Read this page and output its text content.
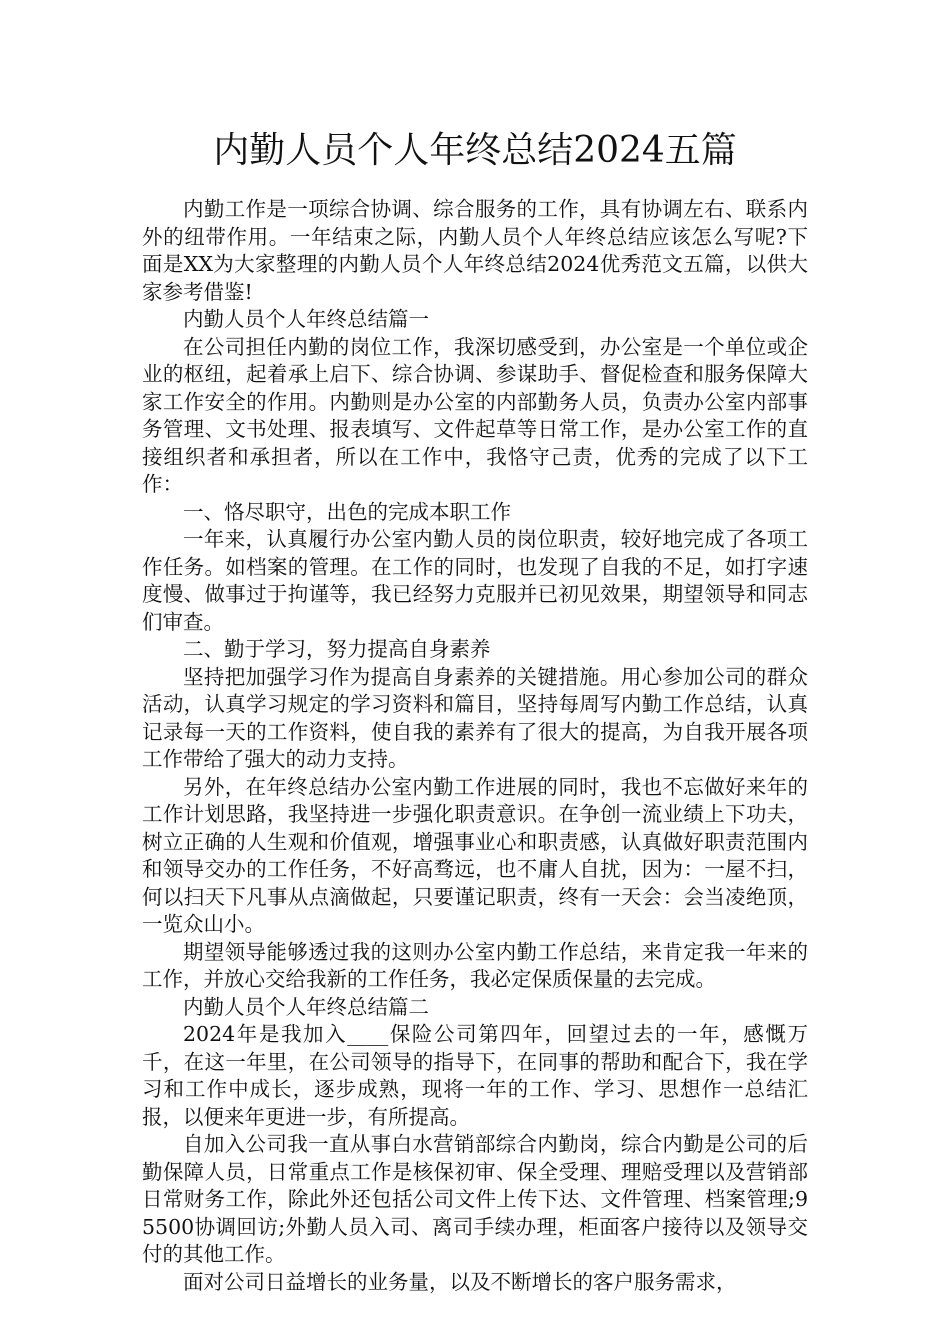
内勤人员个人年终总结2024五篇

内勤工作是一项综合协调、综合服务的工作，具有协调左右、联系内外的纽带作用。一年结束之际，内勤人员个人年终总结应该怎么写呢?下面是XX为大家整理的内勤人员个人年终总结2024优秀范文五篇，以供大家参考借鉴!

内勤人员个人年终总结篇一

在公司担任内勤的岗位工作，我深切感受到，办公室是一个单位或企业的枢纽，起着承上启下、综合协调、参谋助手、督促检查和服务保障大家工作安全的作用。内勤则是办公室的内部勤务人员，负责办公室内部事务管理、文书处理、报表填写、文件起草等日常工作，是办公室工作的直接组织者和承担者，所以在工作中，我恪守己责，优秀的完成了以下工作：

一、恪尽职守，出色的完成本职工作

一年来，认真履行办公室内勤人员的岗位职责，较好地完成了各项工作任务。如档案的管理。在工作的同时，也发现了自我的不足，如打字速度慢、做事过于拘谨等，我已经努力克服并已初见效果，期望领导和同志们审查。

二、勤于学习，努力提高自身素养

坚持把加强学习作为提高自身素养的关键措施。用心参加公司的群众活动，认真学习规定的学习资料和篇目，坚持每周写内勤工作总结，认真记录每一天的工作资料，使自我的素养有了很大的提高，为自我开展各项工作带给了强大的动力支持。

另外，在年终总结办公室内勤工作进展的同时，我也不忘做好来年的工作计划思路，我坚持进一步强化职责意识。在争创一流业绩上下功夫，树立正确的人生观和价值观，增强事业心和职责感，认真做好职责范围内和领导交办的工作任务，不好高骛远，也不庸人自扰，因为：一屋不扫，何以扫天下凡事从点滴做起，只要谨记职责，终有一天会：会当凌绝顶，一览众山小。

期望领导能够透过我的这则办公室内勤工作总结，来肯定我一年来的工作，并放心交给我新的工作任务，我必定保质保量的去完成。

内勤人员个人年终总结篇二

2024年是我加入____保险公司第四年，回望过去的一年，感慨万千，在这一年里，在公司领导的指导下，在同事的帮助和配合下，我在学习和工作中成长，逐步成熟，现将一年的工作、学习、思想作一总结汇报，以便来年更进一步，有所提高。

自加入公司我一直从事白水营销部综合内勤岗，综合内勤是公司的后勤保障人员，日常重点工作是核保初审、保全受理、理赔受理以及营销部日常财务工作，除此外还包括公司文件上传下达、文件管理、档案管理;95500协调回访;外勤人员入司、离司手续办理，柜面客户接待以及领导交付的其他工作。

面对公司日益增长的业务量，以及不断增长的客户服务需求，
